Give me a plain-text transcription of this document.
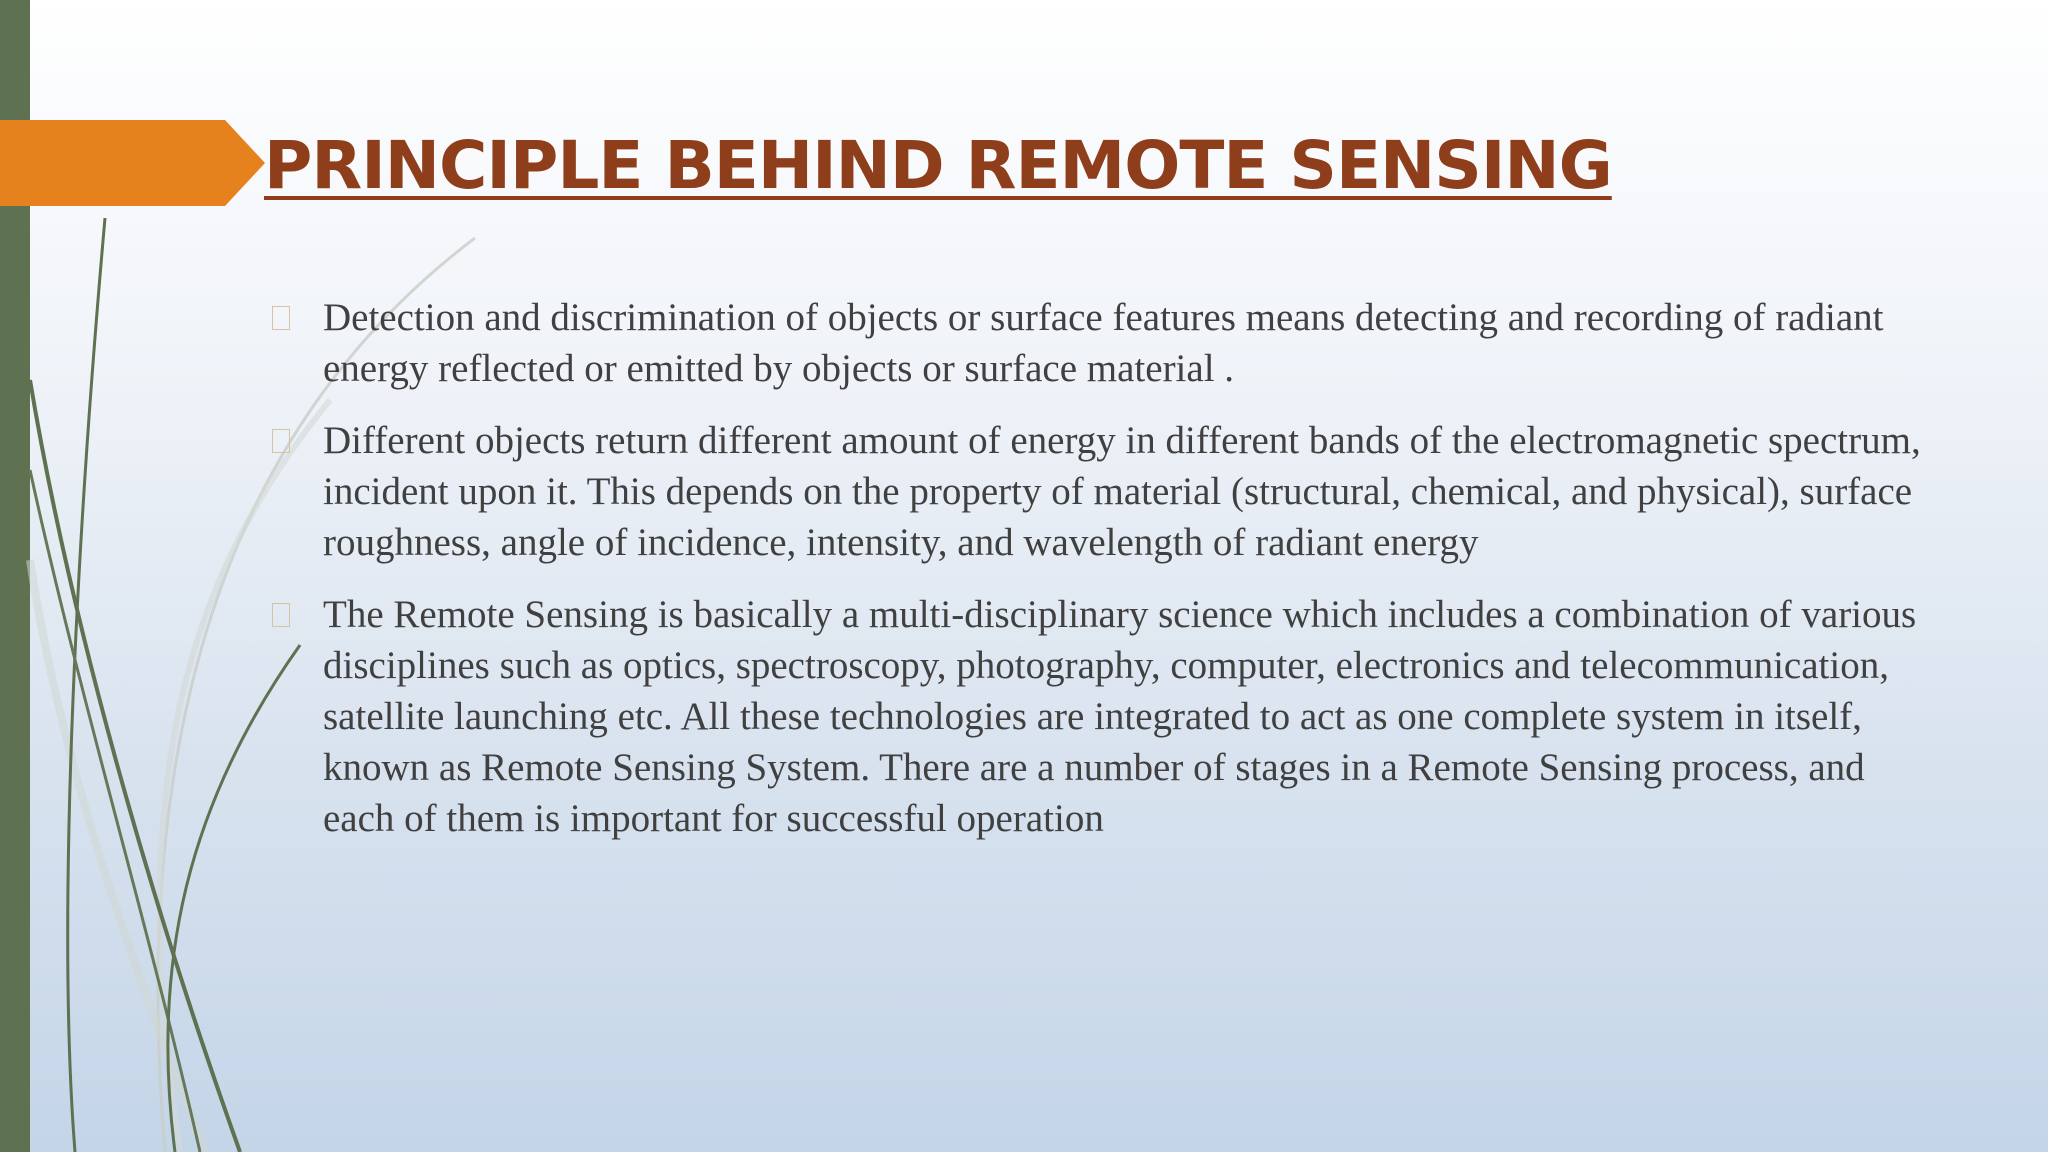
PRINCIPLE BEHIND REMOTE SENSING
Detection and discrimination of objects or surface features means detecting and recording of radiant energy reflected or emitted by objects or surface material .
Different objects return different amount of energy in different bands of the electromagnetic spectrum, incident upon it. This depends on the property of material (structural, chemical, and physical), surface roughness, angle of incidence, intensity, and wavelength of radiant energy
The Remote Sensing is basically a multi-disciplinary science which includes a combination of various disciplines such as optics, spectroscopy, photography, computer, electronics and telecommunication, satellite launching etc. All these technologies are integrated to act as one complete system in itself, known as Remote Sensing System. There are a number of stages in a Remote Sensing process, and each of them is important for successful operation
